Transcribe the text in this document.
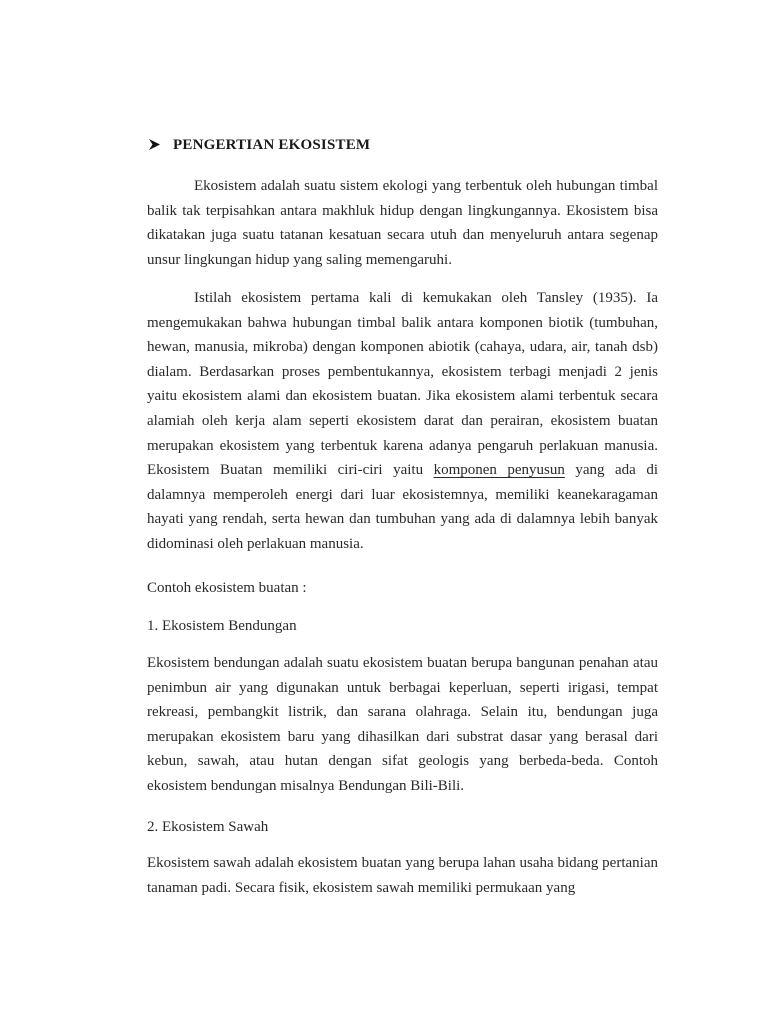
PENGERTIAN EKOSISTEM
Ekosistem adalah suatu sistem ekologi yang terbentuk oleh hubungan timbal balik tak terpisahkan antara makhluk hidup dengan lingkungannya. Ekosistem bisa dikatakan juga suatu tatanan kesatuan secara utuh dan menyeluruh antara segenap unsur lingkungan hidup yang saling memengaruhi.
Istilah ekosistem pertama kali di kemukakan oleh Tansley (1935). Ia mengemukakan bahwa hubungan timbal balik antara komponen biotik (tumbuhan, hewan, manusia, mikroba) dengan komponen abiotik (cahaya, udara, air, tanah dsb) dialam. Berdasarkan proses pembentukannya, ekosistem terbagi menjadi 2 jenis yaitu ekosistem alami dan ekosistem buatan. Jika ekosistem alami terbentuk secara alamiah oleh kerja alam seperti ekosistem darat dan perairan, ekosistem buatan merupakan ekosistem yang terbentuk karena adanya pengaruh perlakuan manusia. Ekosistem Buatan memiliki ciri-ciri yaitu komponen penyusun yang ada di dalamnya memperoleh energi dari luar ekosistemnya, memiliki keanekaragaman hayati yang rendah, serta hewan dan tumbuhan yang ada di dalamnya lebih banyak didominasi oleh perlakuan manusia.
Contoh ekosistem buatan :
1. Ekosistem Bendungan
Ekosistem bendungan adalah suatu ekosistem buatan berupa bangunan penahan atau penimbun air yang digunakan untuk berbagai keperluan, seperti irigasi, tempat rekreasi, pembangkit listrik, dan sarana olahraga. Selain itu, bendungan juga merupakan ekosistem baru yang dihasilkan dari substrat dasar yang berasal dari kebun, sawah, atau hutan dengan sifat geologis yang berbeda-beda. Contoh ekosistem bendungan misalnya Bendungan Bili-Bili.
2. Ekosistem Sawah
Ekosistem sawah adalah ekosistem buatan yang berupa lahan usaha bidang pertanian tanaman padi. Secara fisik, ekosistem sawah memiliki permukaan yang
